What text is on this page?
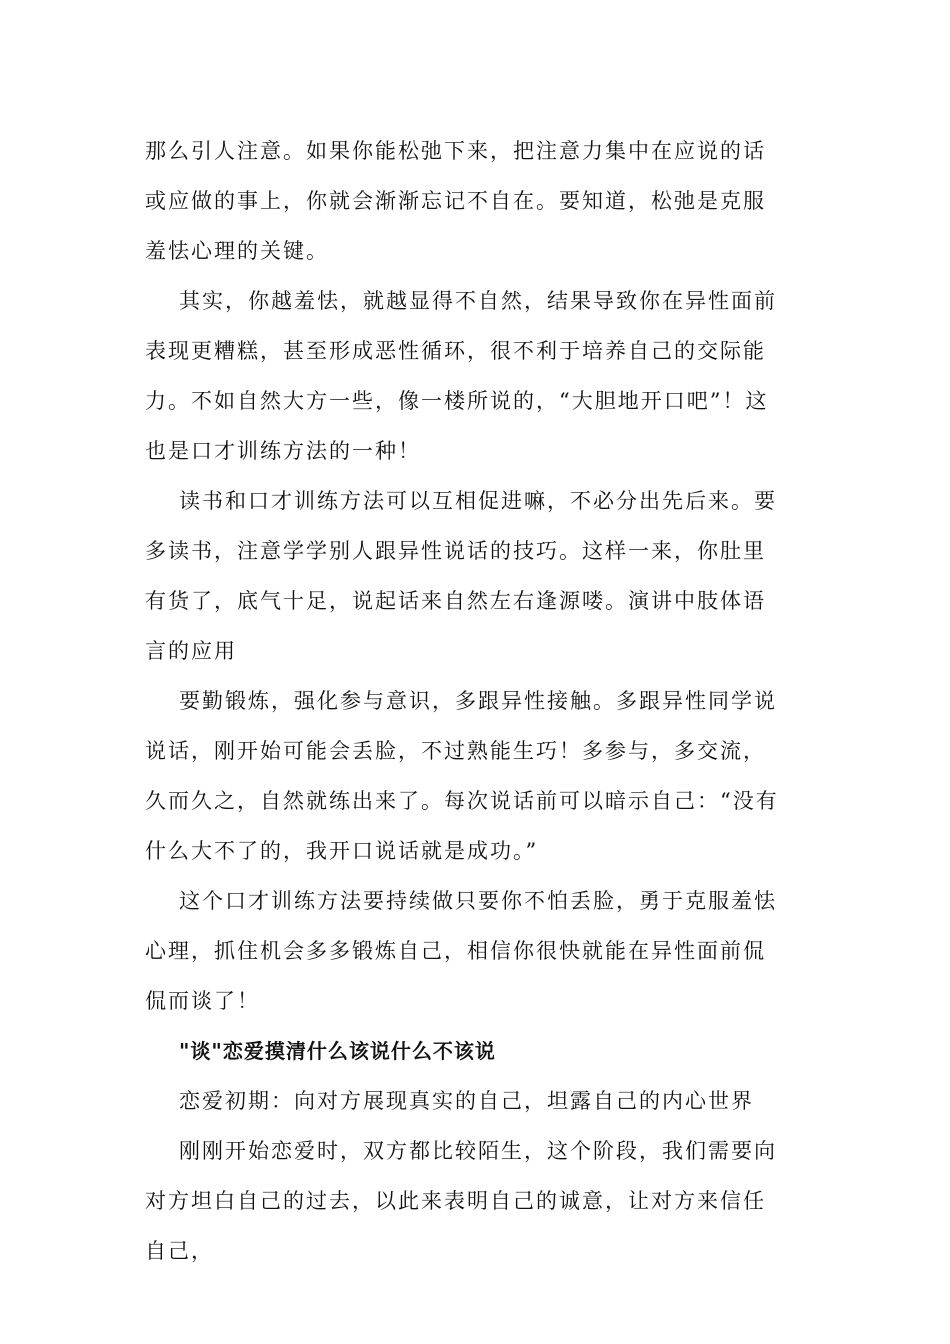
那么引人注意。如果你能松弛下来，把注意力集中在应说的话或应做的事上，你就会渐渐忘记不自在。要知道，松弛是克服羞怯心理的关键。

其实，你越羞怯，就越显得不自然，结果导致你在异性面前表现更糟糕，甚至形成恶性循环，很不利于培养自己的交际能力。不如自然大方一些，像一楼所说的，“大胆地开口吧”！这也是口才训练方法的一种！

读书和口才训练方法可以互相促进嘛，不必分出先后来。要多读书，注意学学别人跟异性说话的技巧。这样一来，你肚里有货了，底气十足，说起话来自然左右逢源喽。演讲中肢体语言的应用

要勤锻炼，强化参与意识，多跟异性接触。多跟异性同学说说话，刚开始可能会丢脸，不过熟能生巧！多参与，多交流，久而久之，自然就练出来了。每次说话前可以暗示自己：“没有什么大不了的，我开口说话就是成功。”

这个口才训练方法要持续做只要你不怕丢脸，勇于克服羞怯心理，抓住机会多多锻炼自己，相信你很快就能在异性面前侃侃而谈了！

"谈"恋爱摸清什么该说什么不该说

恋爱初期：向对方展现真实的自己，坦露自己的内心世界

刚刚开始恋爱时，双方都比较陌生，这个阶段，我们需要向对方坦白自己的过去，以此来表明自己的诚意，让对方来信任自己，
